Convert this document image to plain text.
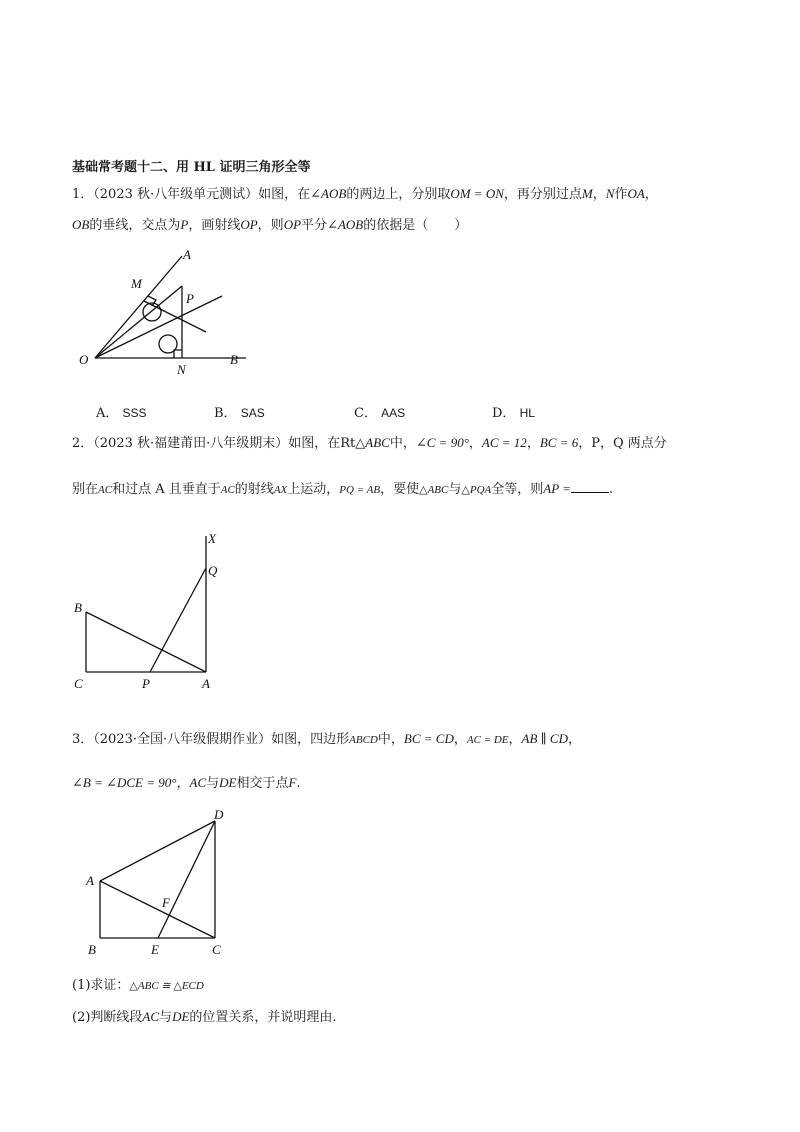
基础常考题十二、用 HL 证明三角形全等
1．（2023 秋·八年级单元测试）如图，在∠AOB的两边上，分别取OM = ON，再分别过点M，N作OA，
OB的垂线，交点为P，画射线OP，则OP平分∠AOB的依据是（　　）
A
M
P
O
N
B
A． SSS	B． SAS	C． AAS	D． HL
2．（2023 秋·福建莆田·八年级期末）如图，在Rt△ABC中，∠C = 90°，AC = 12，BC = 6，P，Q 两点分
别在AC和过点 A 且垂直于AC的射线AX上运动，PQ = AB，要使△ABC与△PQA全等，则AP =	.
X
Q
B
C	P	A
3．（2023·全国·八年级假期作业）如图，四边形ABCD中，BC = CD，AC = DE，AB ∥ CD，
∠B = ∠DCE = 90°，AC与DE相交于点F.
D
A
F
B	E	C
(1)求证：△ABC ≅ △ECD
(2)判断线段AC与DE的位置关系，并说明理由.
